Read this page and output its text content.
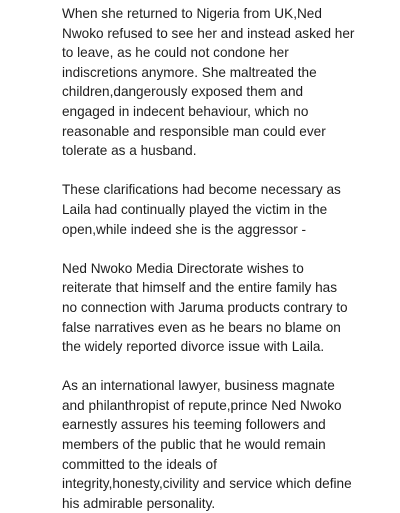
When she returned to Nigeria from UK,Ned
Nwoko refused to see her and instead asked her
to leave, as he could not condone her
indiscretions anymore. She maltreated the
children,dangerously exposed them and
engaged in indecent behaviour, which no
reasonable and responsible man could ever
tolerate as a husband.

These clarifications had become necessary as
Laila had continually played the victim in the
open,while indeed she is the aggressor -

Ned Nwoko Media Directorate wishes to
reiterate that himself and the entire family has
no connection with Jaruma products contrary to
false narratives even as he bears no blame on
the widely reported divorce issue with Laila.

As an international lawyer, business magnate
and philanthropist of repute,prince Ned Nwoko
earnestly assures his teeming followers and
members of the public that he would remain
committed to the ideals of
integrity,honesty,civility and service which define
his admirable personality.
